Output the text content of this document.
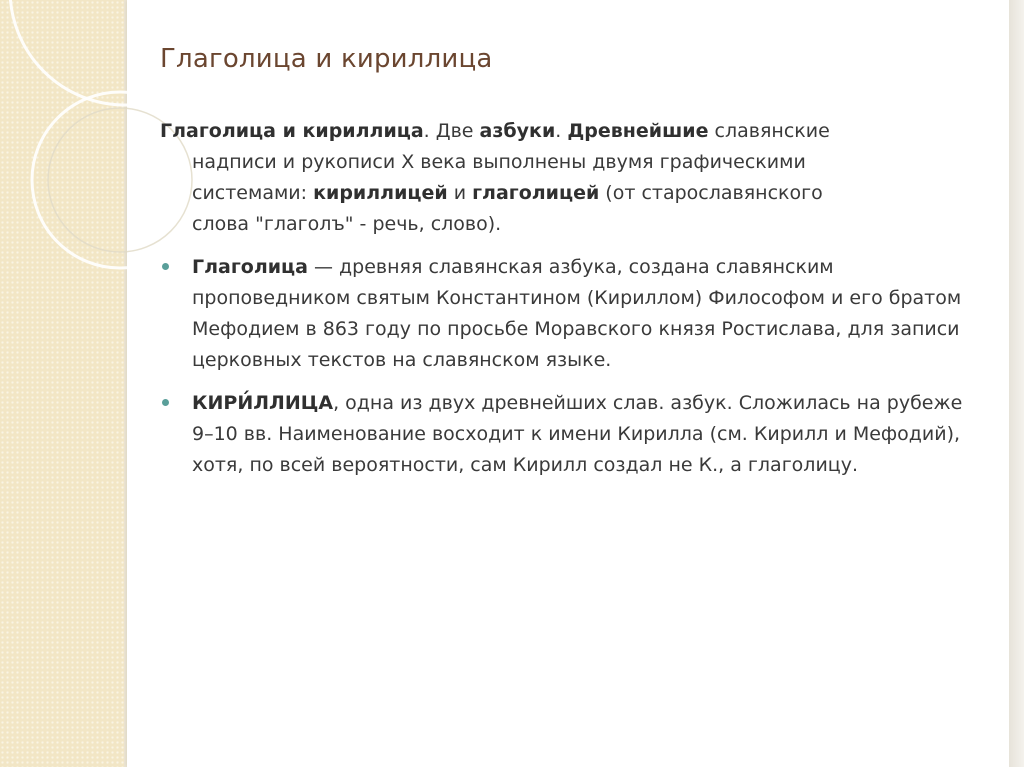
Глаголица и кириллица

Глаголица и кириллица. Две азбуки. Древнейшие славянские
надписи и рукописи X века выполнены двумя графическими
системами: кириллицей и глаголицей (от старославянского
слова "глаголъ" - речь, слово).

Глаголица — древняя славянская азбука, создана славянским проповедником святым Константином (Кириллом) Философом и его братом Мефодием в 863 году по просьбе Моравского князя Ростислава, для записи церковных текстов на славянском языке.
КИРИ́ЛЛИЦА, одна из двух древнейших слав. азбук. Сложилась на рубеже 9–10 вв. Наименование восходит к имени Кирилла (см. Кирилл и Мефодий), хотя, по всей вероятности, сам Кирилл создал не К., а глаголицу.
